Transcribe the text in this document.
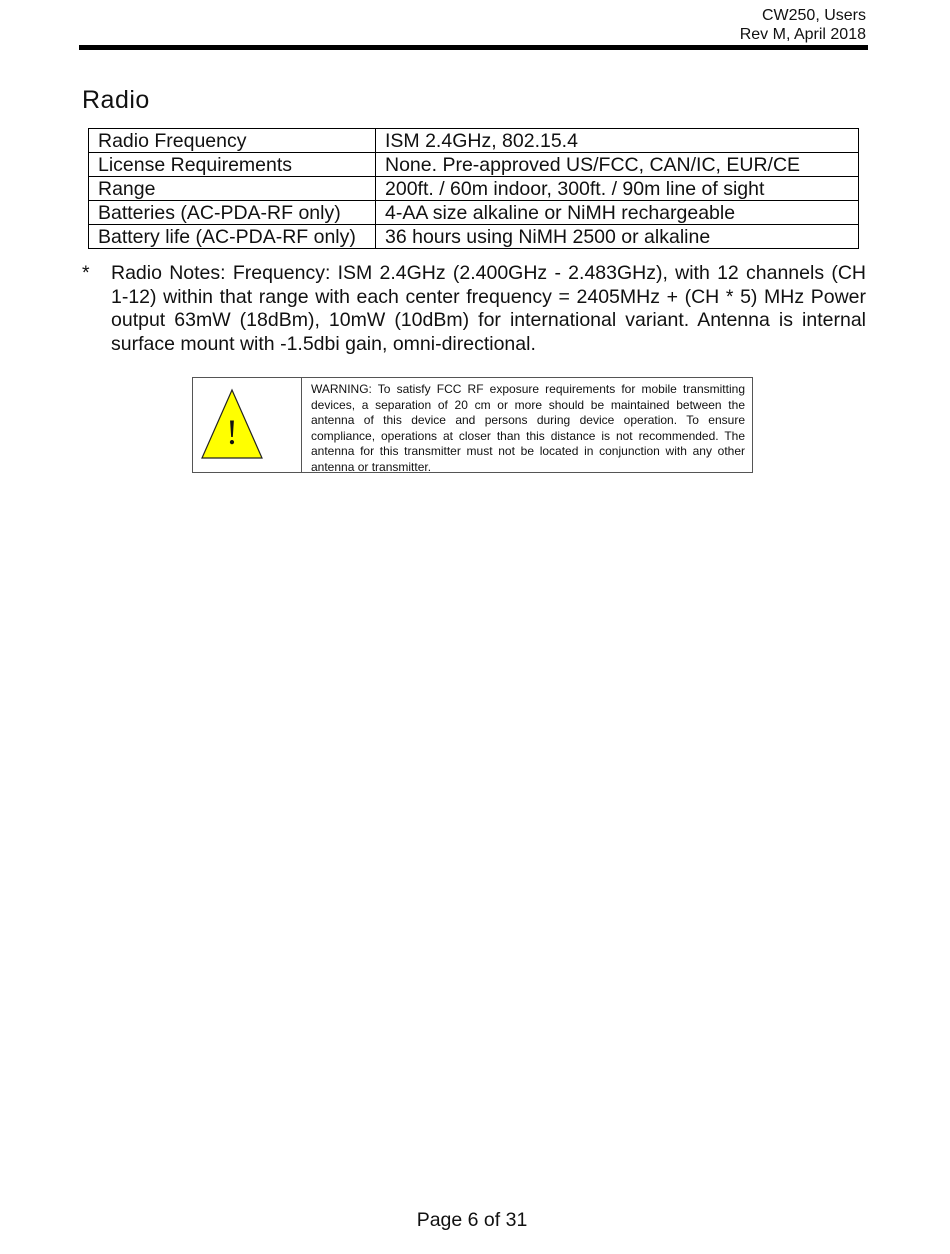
CW250, Users
Rev M, April 2018
Radio
Radio Frequency	ISM 2.4GHz, 802.15.4
License Requirements	None. Pre-approved US/FCC, CAN/IC, EUR/CE
Range	200ft. / 60m indoor, 300ft. / 90m line of sight
Batteries (AC-PDA-RF only)	4-AA size alkaline or NiMH rechargeable
Battery life (AC-PDA-RF only)	36 hours using NiMH 2500 or alkaline
* Radio Notes: Frequency: ISM 2.4GHz (2.400GHz - 2.483GHz), with 12 channels (CH 1-12) within that range with each center frequency = 2405MHz + (CH * 5) MHz Power output 63mW (18dBm), 10mW (10dBm) for international variant. Antenna is internal surface mount with -1.5dbi gain, omni-directional.
!
WARNING: To satisfy FCC RF exposure requirements for mobile transmitting devices, a separation of 20 cm or more should be maintained between the antenna of this device and persons during device operation. To ensure compliance, operations at closer than this distance is not recommended. The antenna for this transmitter must not be located in conjunction with any other antenna or transmitter.
Page 6 of 31
